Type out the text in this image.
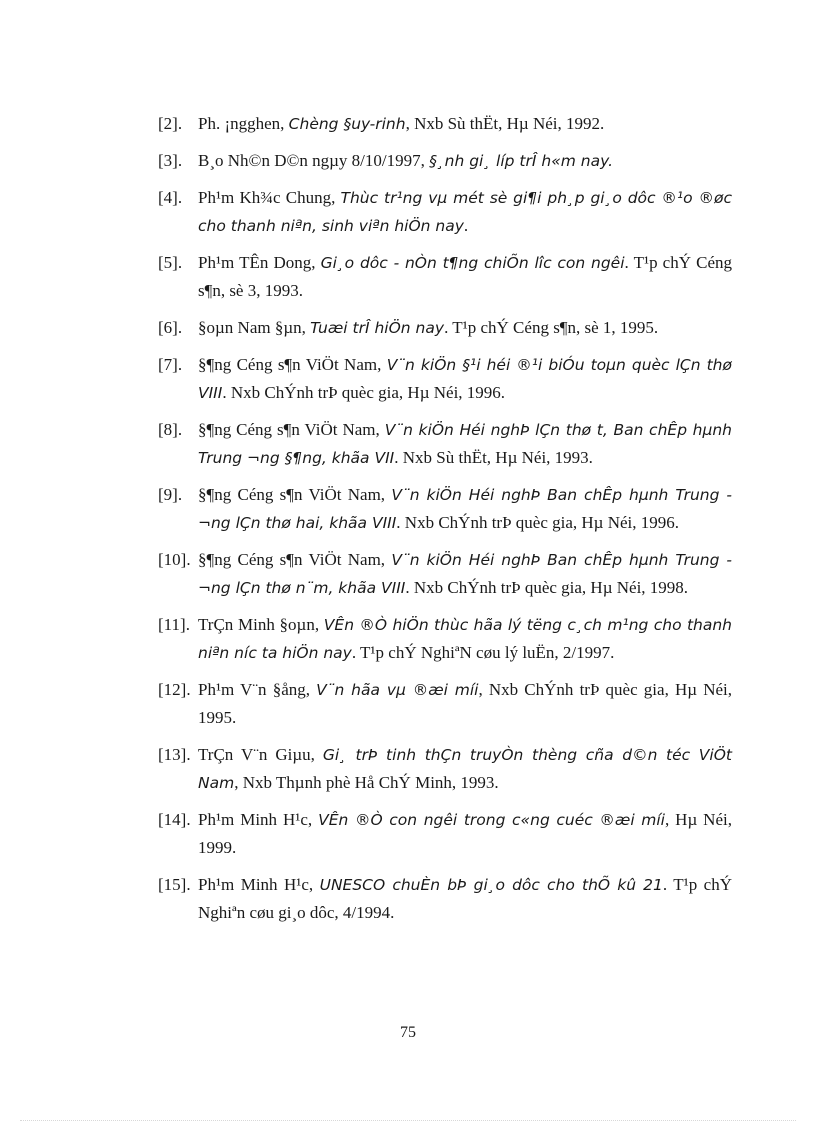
[2]. Ph. ¡ngghen, Chèng §uy-rinh, Nxb Sù thËt, Hµ Néi, 1992.
[3]. B¸o Nh©n D©n ngµy 8/10/1997, §¸nh gi¸ líp trÎ h«m nay.
[4]. Ph¹m Kh¾c Chung, Thùc tr¹ng vµ mét sè gi¶i ph¸p gi¸o dôc ®¹o ®øc cho thanh niªn, sinh viªn hiÖn nay.
[5]. Ph¹m TÊn Dong, Gi¸o dôc - nÒn t¶ng chiÕn lîc con ngêi. T¹p chÝ Céng s¶n, sè 3, 1993.
[6]. §oµn Nam §µn, Tuæi trÎ hiÖn nay. T¹p chÝ Céng s¶n, sè 1, 1995.
[7]. §¶ng Céng s¶n ViÖt Nam, V¨n kiÖn §¹i héi ®¹i biÓu toµn quèc lÇn thø VIII. Nxb ChÝnh trÞ quèc gia, Hµ Néi, 1996.
[8]. §¶ng Céng s¶n ViÖt Nam, V¨n kiÖn Héi nghÞ lÇn thø t, Ban chÊp hµnh Trung ¬ng §¶ng, khãa VII. Nxb Sù thËt, Hµ Néi, 1993.
[9]. §¶ng Céng s¶n ViÖt Nam, V¨n kiÖn Héi nghÞ Ban chÊp hµnh Trung ¬ng lÇn thø hai, khãa VIII. Nxb ChÝnh trÞ quèc gia, Hµ Néi, 1996.
[10]. §¶ng Céng s¶n ViÖt Nam, V¨n kiÖn Héi nghÞ Ban chÊp hµnh Trung ¬ng lÇn thø n¨m, khãa VIII. Nxb ChÝnh trÞ quèc gia, Hµ Néi, 1998.
[11]. TrÇn Minh §oµn, VÊn ®Ò hiÖn thùc hãa lý tëng c¸ch m¹ng cho thanh niªn níc ta hiÖn nay. T¹p chÝ NghiªN cøu lý luËn, 2/1997.
[12]. Ph¹m V¨n §ång, V¨n hãa vµ ®æi míi, Nxb ChÝnh trÞ quèc gia, Hµ Néi, 1995.
[13]. TrÇn V¨n Giµu, Gi¸ trÞ tinh thÇn truyÒn thèng cña d©n téc ViÖt Nam, Nxb Thµnh phè Hå ChÝ Minh, 1993.
[14]. Ph¹m Minh H¹c, VÊn ®Ò con ngêi trong c«ng cuéc ®æi míi, Hµ Néi, 1999.
[15]. Ph¹m Minh H¹c, UNESCO chuÈn bÞ gi¸o dôc cho thÕ kû 21. T¹p chÝ Nghiªn cøu gi¸o dôc, 4/1994.
75
